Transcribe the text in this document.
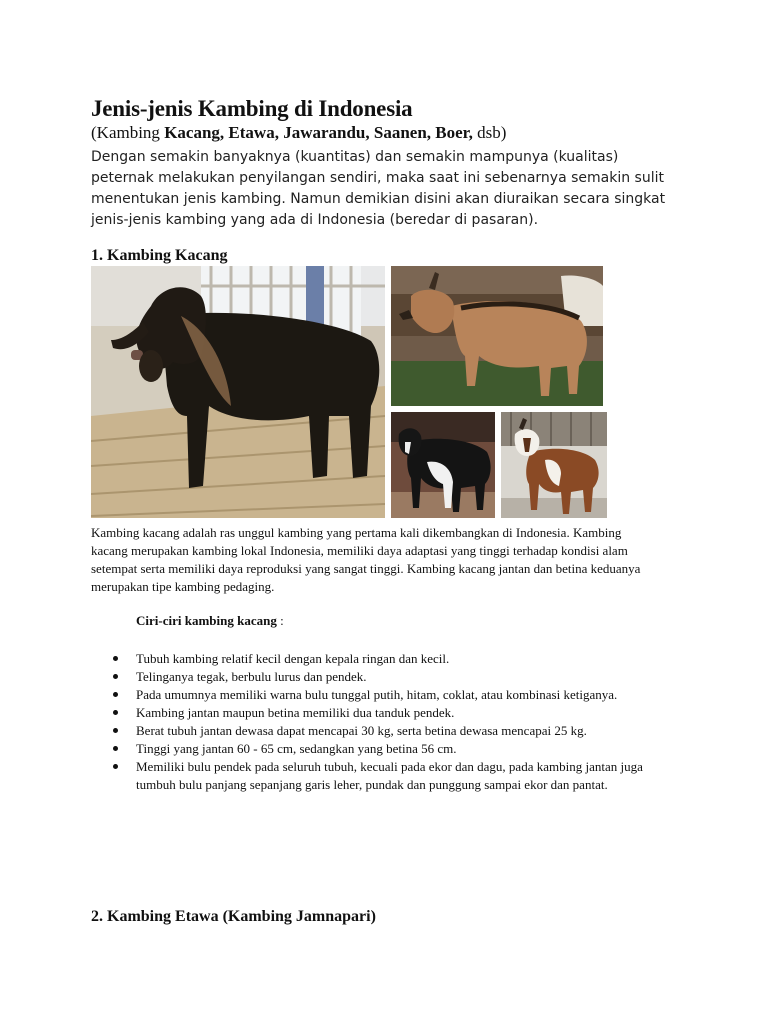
Jenis-jenis Kambing di Indonesia
(Kambing Kacang, Etawa, Jawarandu, Saanen, Boer, dsb)
Dengan semakin banyaknya (kuantitas) dan semakin mampunya (kualitas) peternak melakukan penyilangan sendiri, maka saat ini sebenarnya semakin sulit menentukan jenis kambing. Namun demikian disini akan diuraikan secara singkat jenis-jenis kambing yang ada di Indonesia (beredar di pasaran).
1. Kambing Kacang
Kambing kacang adalah ras unggul kambing yang pertama kali dikembangkan di Indonesia. Kambing kacang merupakan kambing lokal Indonesia, memiliki daya adaptasi yang tinggi terhadap kondisi alam setempat serta memiliki daya reproduksi yang sangat tinggi. Kambing kacang jantan dan betina keduanya merupakan tipe kambing pedaging.
Ciri-ciri kambing kacang :
Tubuh kambing relatif kecil dengan kepala ringan dan kecil.
Telinganya tegak, berbulu lurus dan pendek.
Pada umumnya memiliki warna bulu tunggal putih, hitam, coklat, atau kombinasi ketiganya.
Kambing jantan maupun betina memiliki dua tanduk pendek.
Berat tubuh jantan dewasa dapat mencapai 30 kg, serta betina dewasa mencapai 25 kg.
Tinggi yang jantan 60 - 65 cm, sedangkan yang betina 56 cm.
Memiliki bulu pendek pada seluruh tubuh, kecuali pada ekor dan dagu, pada kambing jantan juga tumbuh bulu panjang sepanjang garis leher, pundak dan punggung sampai ekor dan pantat.
2. Kambing Etawa (Kambing Jamnapari)
